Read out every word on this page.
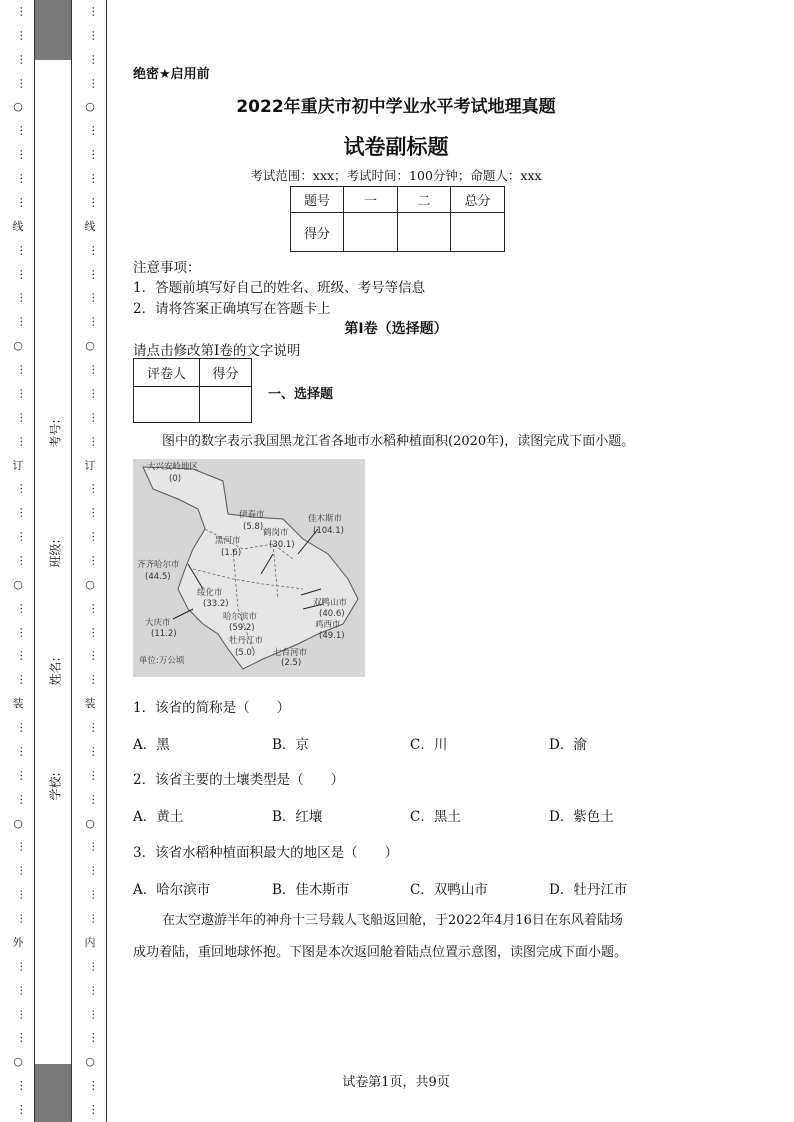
…
…
…
…
○
…
…
…
…
线
…
…
…
…
○
…
…
…
…
订
…
…
…
…
○
…
…
…
…
装
…
…
…
…
○
…
…
…
…
外
…
…
…
…
○
…
…
…
…
…
…
○
…
…
…
…
线
…
…
…
…
○
…
…
…
…
订
…
…
…
…
○
…
…
…
…
装
…
…
…
…
○
…
…
…
…
内
…
…
…
…
○
…
…
考号:
班级:
姓名:
学校:
绝密★启用前
2022年重庆市初中学业水平考试地理真题
试卷副标题
考试范围：xxx；考试时间：100分钟；命题人：xxx
题号	一	二	总分
得分			
注意事项：
1．答题前填写好自己的姓名、班级、考号等信息
2．请将答案正确填写在答题卡上
第I卷（选择题）
请点击修改第I卷的文字说明
评卷人	得分

一、选择题
图中的数字表示我国黑龙江省各地市水稻种植面积(2020年)，读图完成下面小题。
大兴安岭地区
(0)
伊春市
(5.8)
黑河市
(1.6)
鹤岗市
(30.1)
佳木斯市
(104.1)
齐齐哈尔市
(44.5)
绥化市
(33.2)
哈尔滨市
(59.2)
双鸭山市
(40.6)
鸡西市
(49.1)
大庆市
(11.2)
牡丹江市
(5.0) 七台河市
(2.5)
单位:万公顷
1．该省的简称是（　　）
A．黑	B．京	C．川	D．渝
2．该省主要的土壤类型是（　　）
A．黄土	B．红壤	C．黑土	D．紫色土
3．该省水稻种植面积最大的地区是（　　）
A．哈尔滨市	B．佳木斯市	C．双鸭山市	D．牡丹江市
在太空遨游半年的神舟十三号载人飞船返回舱，于2022年4月16日在东风着陆场
成功着陆，重回地球怀抱。下图是本次返回舱着陆点位置示意图，读图完成下面小题。
试卷第1页，共9页
